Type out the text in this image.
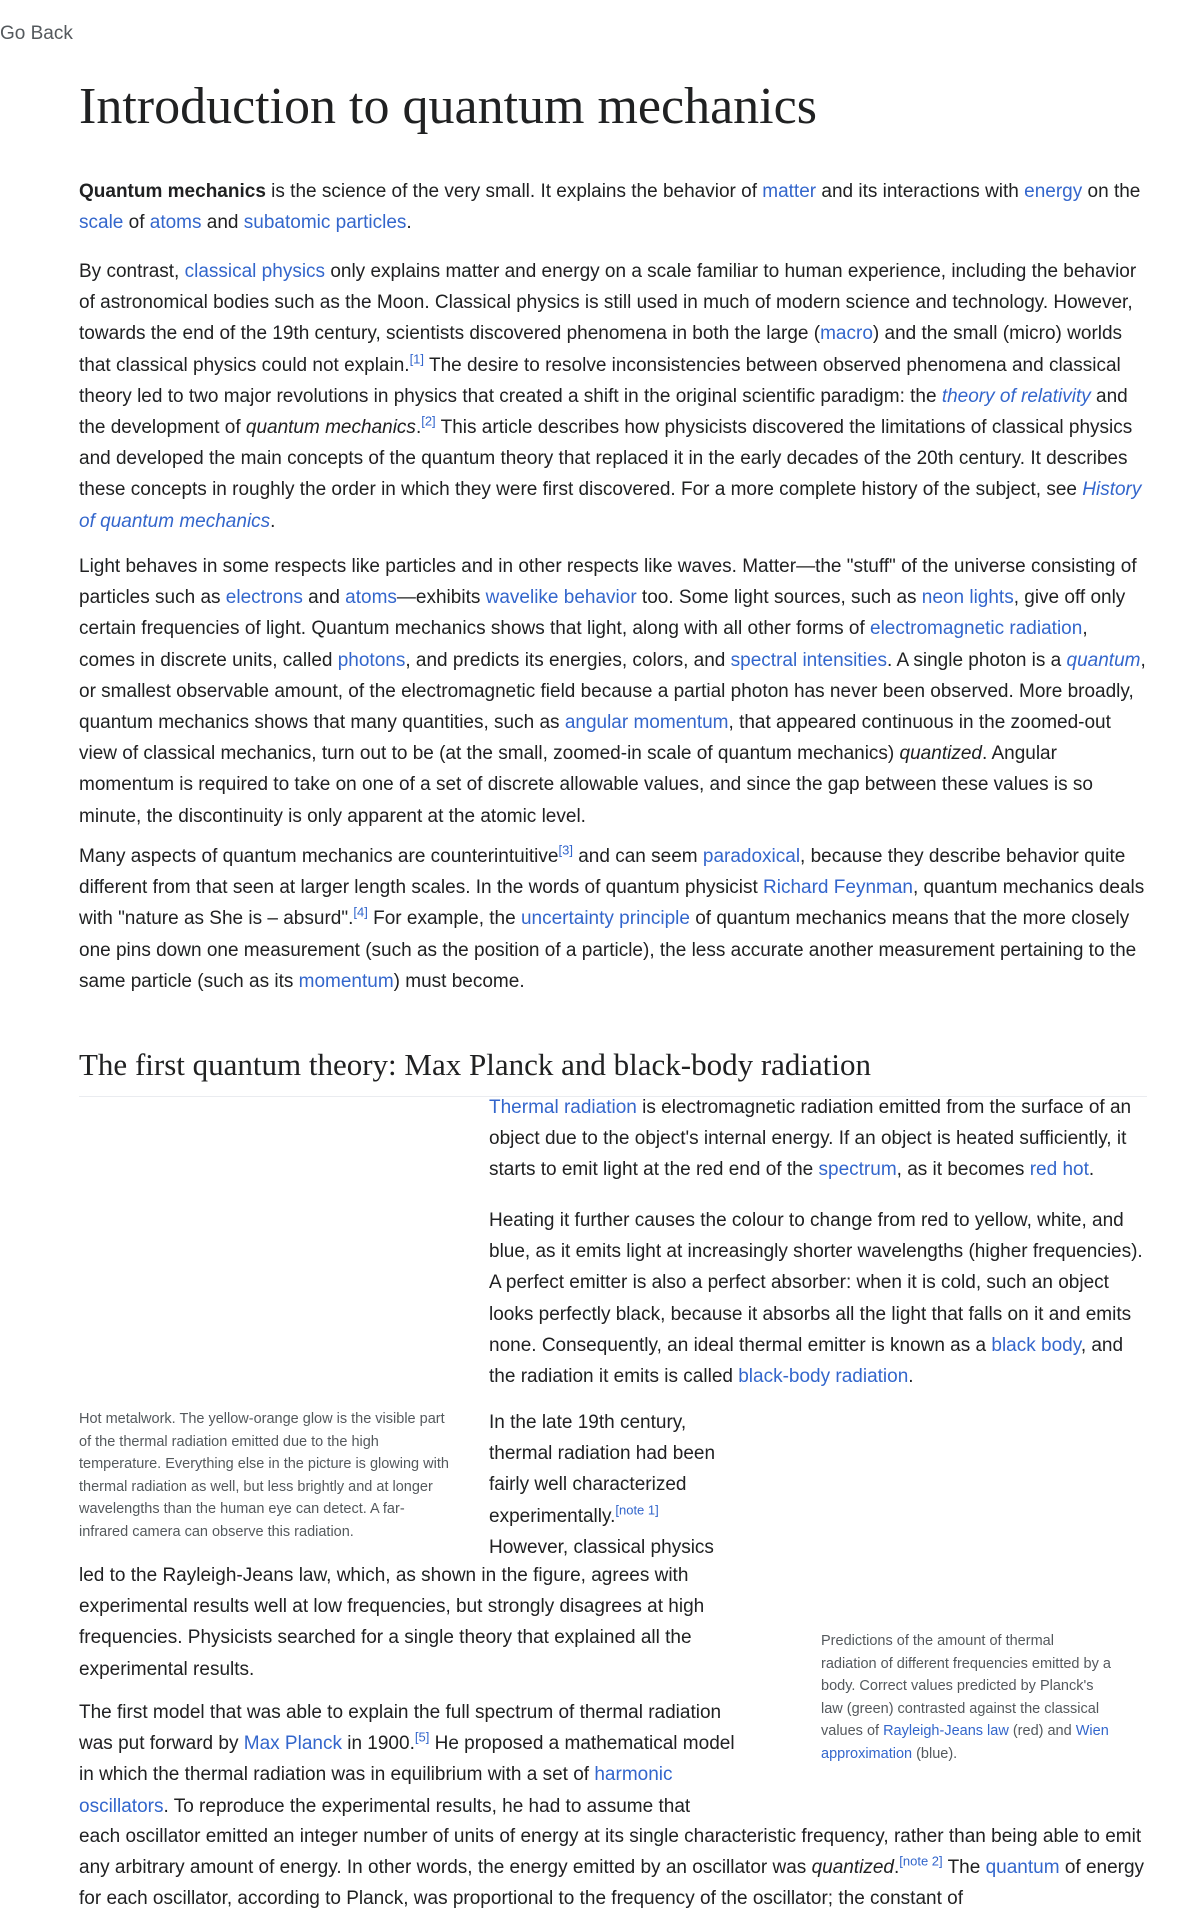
Go Back
Introduction to quantum mechanics

Quantum mechanics is the science of the very small. It explains the behavior of matter and its interactions with energy on the scale of atoms and subatomic particles.

By contrast, classical physics only explains matter and energy on a scale familiar to human experience, including the behavior of astronomical bodies such as the Moon. Classical physics is still used in much of modern science and technology. However, towards the end of the 19th century, scientists discovered phenomena in both the large (macro) and the small (micro) worlds that classical physics could not explain.[1] The desire to resolve inconsistencies between observed phenomena and classical theory led to two major revolutions in physics that created a shift in the original scientific paradigm: the theory of relativity and the development of quantum mechanics.[2] This article describes how physicists discovered the limitations of classical physics and developed the main concepts of the quantum theory that replaced it in the early decades of the 20th century. It describes these concepts in roughly the order in which they were first discovered. For a more complete history of the subject, see History of quantum mechanics.

Light behaves in some respects like particles and in other respects like waves. Matter—the "stuff" of the universe consisting of particles such as electrons and atoms—exhibits wavelike behavior too. Some light sources, such as neon lights, give off only certain frequencies of light. Quantum mechanics shows that light, along with all other forms of electromagnetic radiation, comes in discrete units, called photons, and predicts its energies, colors, and spectral intensities. A single photon is a quantum, or smallest observable amount, of the electromagnetic field because a partial photon has never been observed. More broadly, quantum mechanics shows that many quantities, such as angular momentum, that appeared continuous in the zoomed-out view of classical mechanics, turn out to be (at the small, zoomed-in scale of quantum mechanics) quantized. Angular momentum is required to take on one of a set of discrete allowable values, and since the gap between these values is so minute, the discontinuity is only apparent at the atomic level.

Many aspects of quantum mechanics are counterintuitive[3] and can seem paradoxical, because they describe behavior quite different from that seen at larger length scales. In the words of quantum physicist Richard Feynman, quantum mechanics deals with "nature as She is – absurd".[4] For example, the uncertainty principle of quantum mechanics means that the more closely one pins down one measurement (such as the position of a particle), the less accurate another measurement pertaining to the same particle (such as its momentum) must become.

The first quantum theory: Max Planck and black-body radiation
Hot metalwork. The yellow-orange glow is the visible part of the thermal radiation emitted due to the high temperature. Everything else in the picture is glowing with thermal radiation as well, but less brightly and at longer wavelengths than the human eye can detect. A far-infrared camera can observe this radiation.

Thermal radiation is electromagnetic radiation emitted from the surface of an object due to the object's internal energy. If an object is heated sufficiently, it starts to emit light at the red end of the spectrum, as it becomes red hot.

Heating it further causes the colour to change from red to yellow, white, and blue, as it emits light at increasingly shorter wavelengths (higher frequencies). A perfect emitter is also a perfect absorber: when it is cold, such an object looks perfectly black, because it absorbs all the light that falls on it and emits none. Consequently, an ideal thermal emitter is known as a black body, and the radiation it emits is called black-body radiation.

In the late 19th century, thermal radiation had been fairly well characterized experimentally.[note 1] However, classical physics

led to the Rayleigh-Jeans law, which, as shown in the figure, agrees with experimental results well at low frequencies, but strongly disagrees at high frequencies. Physicists searched for a single theory that explained all the experimental results.

Predictions of the amount of thermal radiation of different frequencies emitted by a body. Correct values predicted by Planck's law (green) contrasted against the classical values of Rayleigh-Jeans law (red) and Wien approximation (blue).

The first model that was able to explain the full spectrum of thermal radiation was put forward by Max Planck in 1900.[5] He proposed a mathematical model in which the thermal radiation was in equilibrium with a set of harmonic oscillators. To reproduce the experimental results, he had to assume that

each oscillator emitted an integer number of units of energy at its single characteristic frequency, rather than being able to emit any arbitrary amount of energy. In other words, the energy emitted by an oscillator was quantized.[note 2] The quantum of energy for each oscillator, according to Planck, was proportional to the frequency of the oscillator; the constant of
